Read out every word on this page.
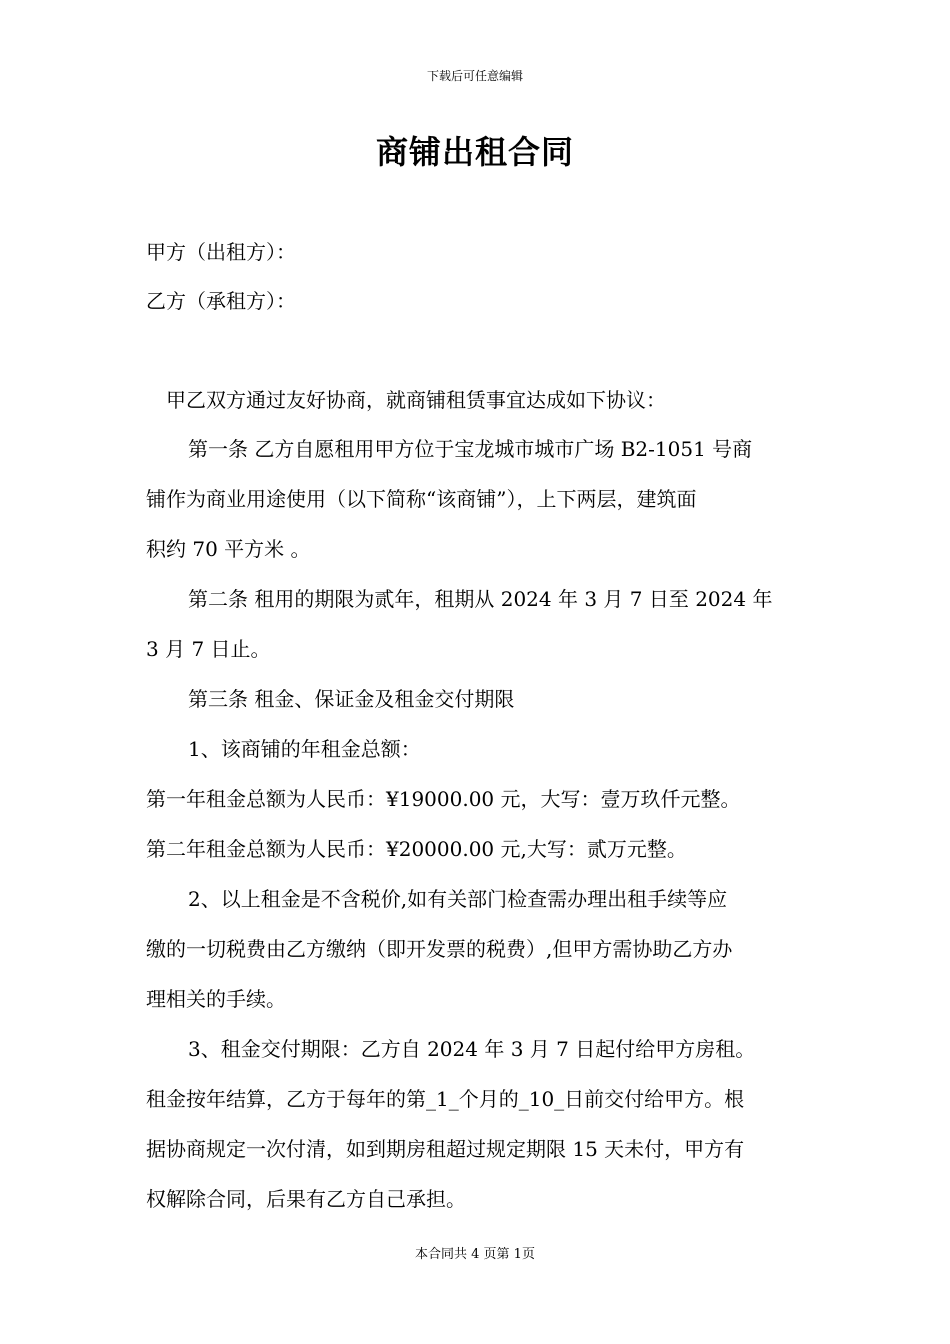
下载后可任意编辑
商铺出租合同
甲方（出租方）：
乙方（承租方）：
甲乙双方通过友好协商，就商铺租赁事宜达成如下协议：
第一条 乙方自愿租用甲方位于宝龙城市城市广场 B2-1051 号商
铺作为商业用途使用（以下简称“该商铺”），上下两层，建筑面
积约 70 平方米 。
第二条 租用的期限为贰年，租期从 2024 年 3 月 7 日至 2024 年
3 月 7 日止。
第三条 租金、保证金及租金交付期限
1、该商铺的年租金总额：
第一年租金总额为人民币：¥19000.00 元，大写：壹万玖仟元整。
第二年租金总额为人民币：¥20000.00 元,大写：贰万元整。
2、以上租金是不含税价,如有关部门检查需办理出租手续等应
缴的一切税费由乙方缴纳（即开发票的税费）,但甲方需协助乙方办
理相关的手续。
3、租金交付期限：乙方自 2024 年 3 月 7 日起付给甲方房租。
租金按年结算，乙方于每年的第_1_个月的_10_日前交付给甲方。根
据协商规定一次付清，如到期房租超过规定期限 15 天未付，甲方有
权解除合同，后果有乙方自己承担。
本合同共 4 页第 1页
